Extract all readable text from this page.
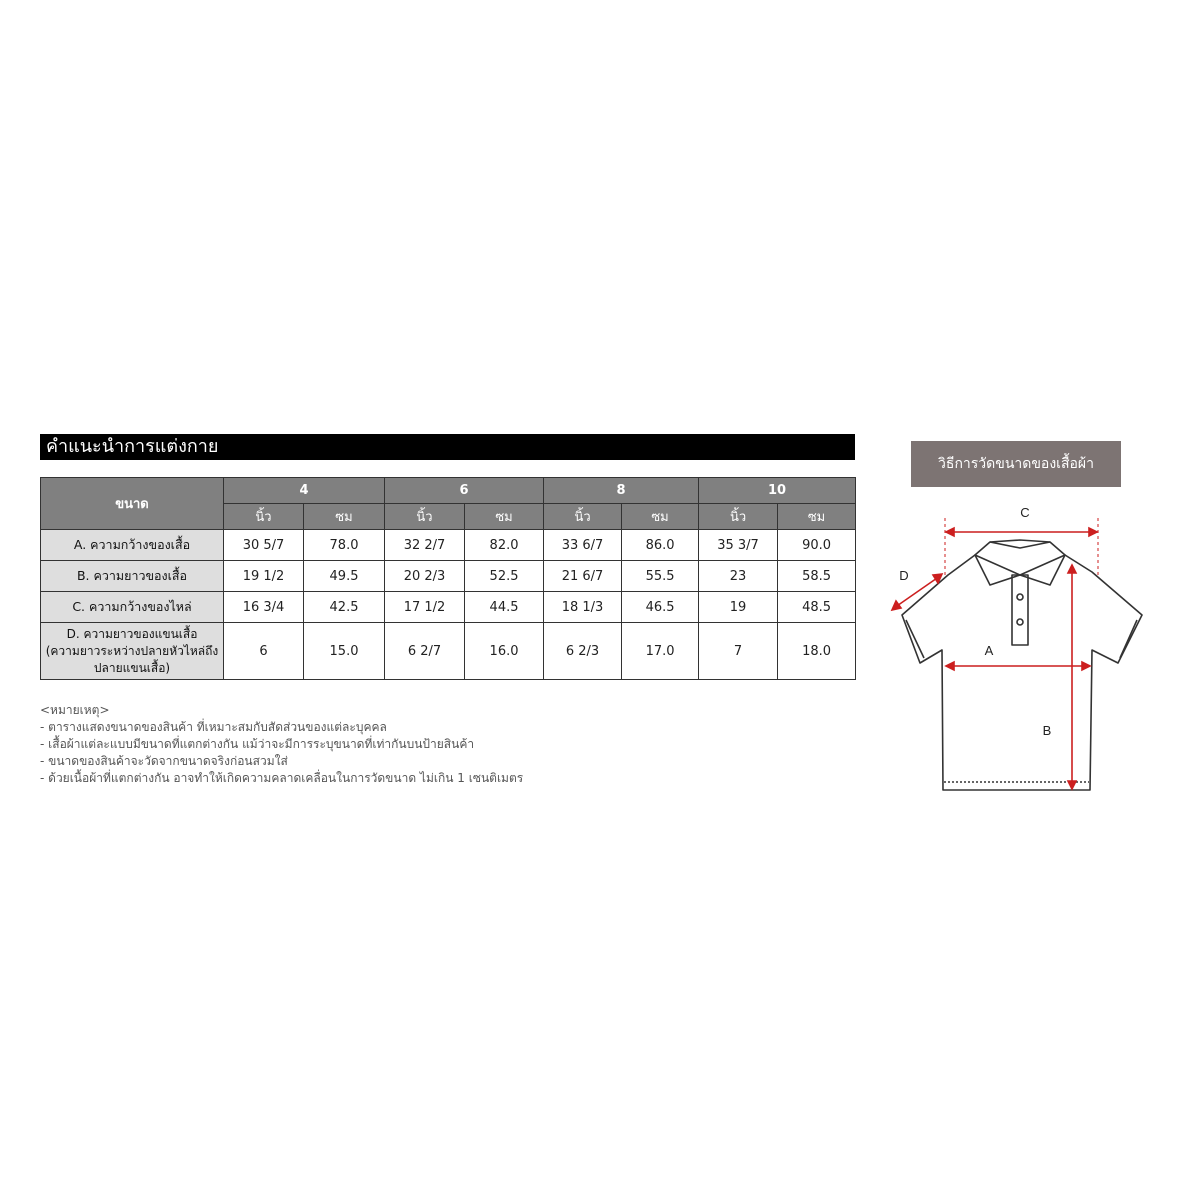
คำแนะนำการแต่งกาย
ขนาด	4		6		8		10	
	นิ้ว	ซม	นิ้ว	ซม	นิ้ว	ซม	นิ้ว	ซม
A. ความกว้างของเสื้อ	30 5/7	78.0	32 2/7	82.0	33 6/7	86.0	35 3/7	90.0
B. ความยาวของเสื้อ	19 1/2	49.5	20 2/3	52.5	21 6/7	55.5	23	58.5
C. ความกว้างของไหล่	16 3/4	42.5	17 1/2	44.5	18 1/3	46.5	19	48.5

D. ความยาวของแขนเสื้อ
(ความยาวระหว่างปลายหัวไหล่ถึง
ปลายแขนเสื้อ)	6	15.0	6 2/7	16.0	6 2/3	17.0	7	18.0
<หมายเหตุ>
- ตารางแสดงขนาดของสินค้า ที่เหมาะสมกับสัดส่วนของแต่ละบุคคล
- เสื้อผ้าแต่ละแบบมีขนาดที่แตกต่างกัน แม้ว่าจะมีการระบุขนาดที่เท่ากันบนป้ายสินค้า
- ขนาดของสินค้าจะวัดจากขนาดจริงก่อนสวมใส่
- ด้วยเนื้อผ้าที่แตกต่างกัน อาจทำให้เกิดความคลาดเคลื่อนในการวัดขนาด ไม่เกิน 1 เซนติเมตร
วิธีการวัดขนาดของเสื้อผ้า
C
A
B
D
